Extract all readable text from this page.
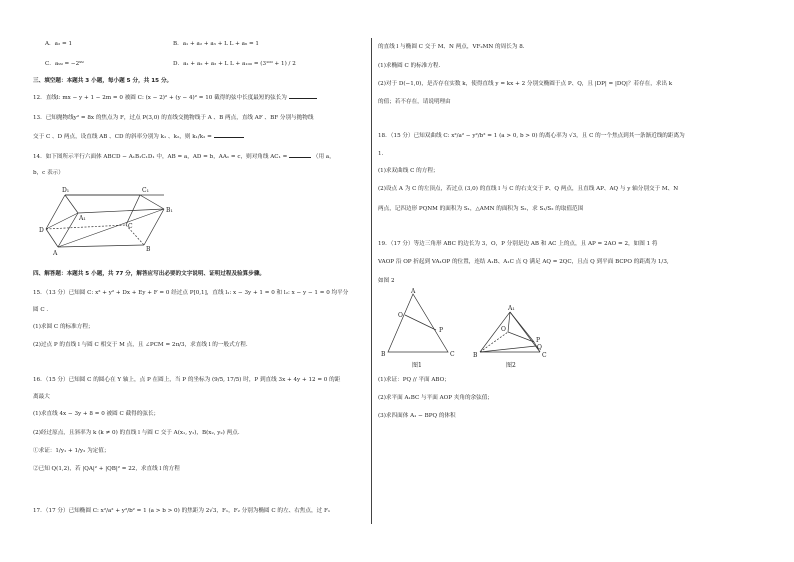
A．a₂ = 1	B．a₁ + a₂ + a₃ + L L + a₆ = 1
C．a₉₉ = −2⁹⁹	D．a₁ + a₂ + a₃ + L L + a₁₀₀ = (3¹⁰⁰ + 1) / 2
三、填空题：本题共 3 小题，每小题 5 分，共 15 分。
12．直线l: mx − y + 1 − 2m = 0 被圆 C: (x − 2)² + (y − 4)² = 10 截得的弦中长度最短的弦长为
13．已知抛物线y² = 8x 的焦点为 F，过点 P(3,0) 的直线交抛物线于 A 、B 两点，直线 AF 、BF 分别与抛物线
交于 C 、D 两点，设直线 AB 、CD 的斜率分别为 k₁ 、k₂，则 k₁/k₂ =
14．如下图所示平行六面体 ABCD − A₁B₁C₁D₁ 中，AB = a，AD = b，AA₁ = c，则对角线 AC₁ =	（用 a，
b，c 表示）
D₁	C₁
A₁
B₁
D
C
A
B
四、解答题：本题共 5 小题，共 77 分，解答应写出必要的文字说明、证明过程及验算步骤。
15．（13 分）已知圆 C: x² + y² + Dx + Ey + F = 0 经过点 P[0,1]，直线 l₁: x − 3y + 1 = 0 和 l₂: x − y − 1 = 0 均平分
圆 C .
(1)求圆 C 的标准方程；
(2)过点 P 的直线 l 与圆 C 相交于 M 点，且 ∠PCM = 2π/3，求直线 l 的一般式方程.
16．（15 分）已知圆 C 的圆心在 Y 轴上，点 P 在圆上，当 P 的坐标为 (9/5, 17/5) 时，P 到直线 3x + 4y + 12 = 0 的距
离最大
(1)求直线 4x − 3y + 8 = 0 被圆 C 截得的弦长；
(2)经过原点，且斜率为 k (k ≠ 0) 的直线 l 与圆 C 交于 A(x₁, y₁)，B(x₂, y₂) 两点.
①求证：1/y₁ + 1/y₂ 为定值；
②已知 Q(1,2)，若 |QA|² + |QB|² = 22，求直线 l 的方程
17．（17 分）已知椭圆 C: x²/a² + y²/b² = 1 (a > b > 0) 的焦距为 2√3，F₁，F₂ 分别为椭圆 C 的左、右焦点，过 F₁
的直线 l 与椭圆 C 交于 M、N 两点，VF₂MN 的周长为 8.
(1)求椭圆 C 的标准方程.
(2)对于 D(−1,0)，是否存在实数 k，使得直线 y = kx + 2 分别交椭圆于点 P、Q，且 |DP| = |DQ|？若存在，求出 k
的值；若不存在，请说明理由
18．（15 分）已知双曲线 C: x²/a² − y²/b² = 1 (a > 0, b > 0) 的离心率为 √3，且 C 的一个焦点到其一条渐近线的距离为
1.
(1)求双曲线 C 的方程；
(2)设点 A 为 C 的左顶点，若过点 (3,0) 的直线 l 与 C 的右支交于 P、Q 两点，且直线 AP、AQ 与 y 轴分别交于 M、N
两点，记四边形 PQNM 的面积为 S₁，△AMN 的面积为 S₂，求 S₁/S₂ 的取值范围
19．（17 分）等边三角形 ABC 的边长为 3，O，P 分别是边 AB 和 AC 上的点，且 AP = 2AO = 2，如图 1 将
VAOP 沿 OP 折起到 VA₁OP 的位置，连结 A₁B、A₁C 点 Q 满足 AQ = 2QC，且点 Q 到平面 BCPO 的距离为 1/3,
如图 2
A
O
P
B	C
图1
A₁
O
P
Q
B	C
图2
(1)求证：PQ // 平面 ABO；
(2)求平面 A₁BC 与平面 AOP 夹角的余弦值；
(3)求四面体 A₁ − BPQ 的体积
